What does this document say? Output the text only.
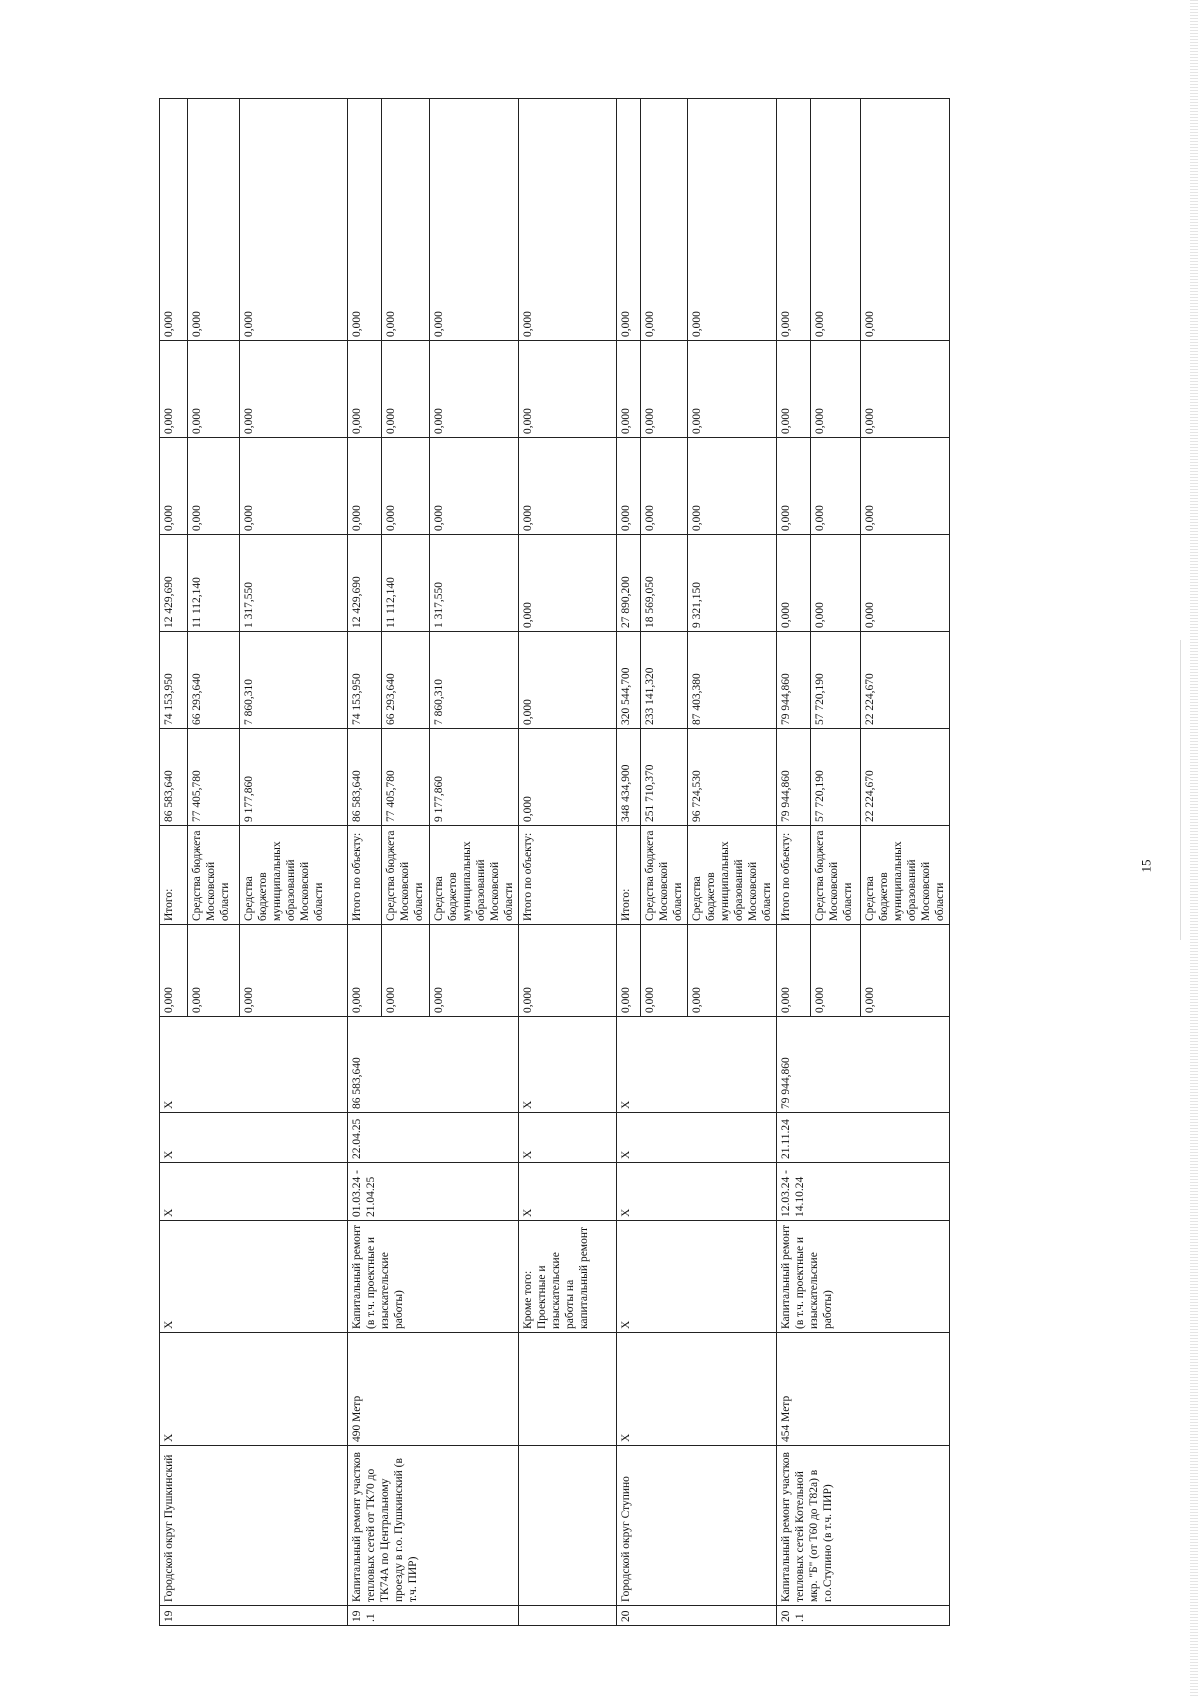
19	Городской округ Пушкинский	X	X	X	X	X	0,000	Итого:	86 583,640	74 153,950	12 429,690	0,000	0,000	0,000
							0,000	Средства бюджета Московской области	77 405,780	66 293,640	11 112,140	0,000	0,000	0,000
							0,000	Средства бюджетов муниципальных образований Московской области	9 177,860	7 860,310	1 317,550	0,000	0,000	0,000
19.1	Капитальный ремонт участков тепловых сетей от ТК70 до ТК74А по Центральному проезду в г.о. Пушкинский (в т.ч. ПИР)	490 Метр	Капитальный ремонт (в т.ч. проектные и изыскательские работы)	01.03.24 - 21.04.25	22.04.25	86 583,640	0,000	Итого по объекту:	86 583,640	74 153,950	12 429,690	0,000	0,000	0,000
							0,000	Средства бюджета Московской области	77 405,780	66 293,640	11 112,140	0,000	0,000	0,000
							0,000	Средства бюджетов муниципальных образований Московской области	9 177,860	7 860,310	1 317,550	0,000	0,000	0,000
			Кроме того: Проектные и изыскательские работы на капитальный ремонт	X	X	X	0,000	Итого по объекту:	0,000	0,000	0,000	0,000	0,000	0,000
20	Городской округ Ступино	X	X	X	X	X	0,000	Итого:	348 434,900	320 544,700	27 890,200	0,000	0,000	0,000
							0,000	Средства бюджета Московской области	251 710,370	233 141,320	18 569,050	0,000	0,000	0,000
							0,000	Средства бюджетов муниципальных образований Московской области	96 724,530	87 403,380	9 321,150	0,000	0,000	0,000
20.1	Капитальный ремонт участков тепловых сетей Котельной мкр. "Б" (от Т60 до Т82а) в г.о.Ступино (в т.ч. ПИР)	454 Метр	Капитальный ремонт (в т.ч. проектные и изыскательские работы)	12.03.24 - 14.10.24	21.11.24	79 944,860	0,000	Итого по объекту:	79 944,860	79 944,860	0,000	0,000	0,000	0,000
							0,000	Средства бюджета Московской области	57 720,190	57 720,190	0,000	0,000	0,000	0,000
							0,000	Средства бюджетов муниципальных образований Московской области	22 224,670	22 224,670	0,000	0,000	0,000	0,000
15
